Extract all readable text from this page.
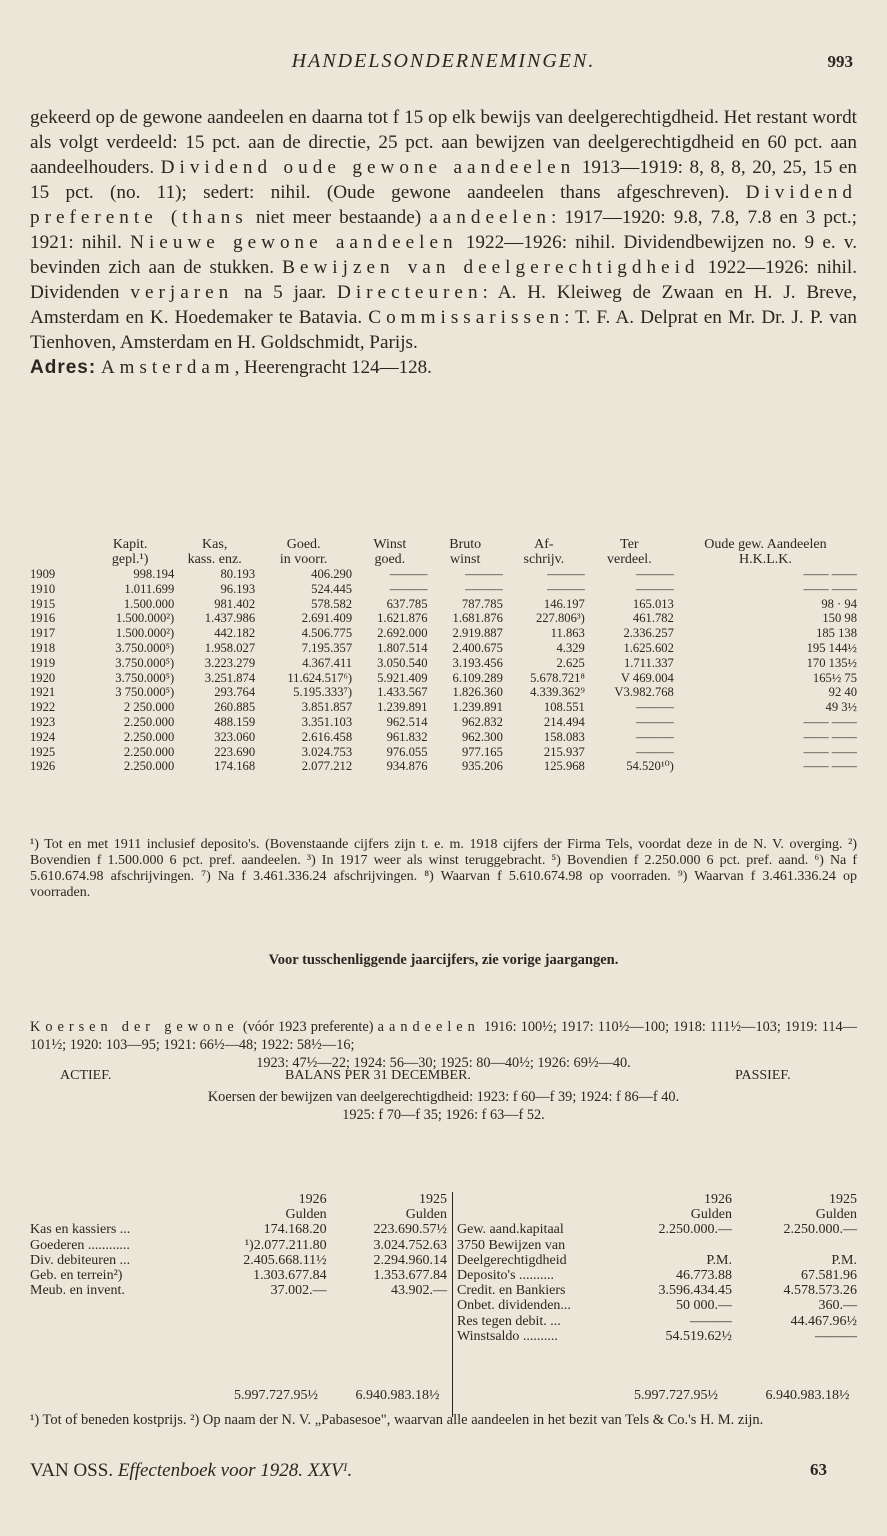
HANDELSONDERNEMINGEN.	993

gekeerd op de gewone aandeelen en daarna tot f 15 op elk bewijs van deelgerechtigdheid. Het restant wordt als volgt verdeeld: 15 pct. aan de directie, 25 pct. aan bewijzen van deelgerechtigdheid en 60 pct. aan aandeelhouders. Dividend oude gewone aandeelen 1913—1919: 8, 8, 8, 20, 25, 15 en 15 pct. (no. 11); sedert: nihil. (Oude gewone aandeelen thans afgeschreven). Dividend preferente (thans niet meer bestaande) aandeelen: 1917—1920: 9.8, 7.8, 7.8 en 3 pct.; 1921: nihil. Nieuwe gewone aandeelen 1922—1926: nihil. Dividendbewijzen no. 9 e. v. bevinden zich aan de stukken. Bewijzen van deelgerechtigdheid 1922—1926: nihil. Dividenden verjaren na 5 jaar. Directeuren: A. H. Kleiweg de Zwaan en H. J. Breve, Amsterdam en K. Hoedemaker te Batavia. Commissarissen: T. F. A. Delprat en Mr. Dr. J. P. van Tienhoven, Amsterdam en H. Goldschmidt, Parijs.

Adres: Amsterdam, Heerengracht 124—128.

	Kapit.	Kas,	Goed.	Winst	Bruto	Af-	Ter	Oude gew. Aandeelen
	gepl.¹)	kass. enz.	in voorr.	goed.	winst	schrijv.	verdeel.	H.K.L.K.
1909	998.194	80.193	406.290	———	———	———	———	—— ——
1910	1.011.699	96.193	524.445	———	———	———	———	—— ——
1915	1.500.000	981.402	578.582	637.785	787.785	146.197	165.013	98 · 94
1916	1.500.000²)	1.437.986	2.691.409	1.621.876	1.681.876	227.806³)	461.782	150 98
1917	1.500.000²)	442.182	4.506.775	2.692.000	2.919.887	11.863	2.336.257	185 138
1918	3.750.000⁵)	1.958.027	7.195.357	1.807.514	2.400.675	4.329	1.625.602	195 144½
1919	3.750.000⁵)	3.223.279	4.367.411	3.050.540	3.193.456	2.625	1.711.337	170 135½
1920	3.750.000⁵)	3.251.874	11.624.517⁶)	5.921.409	6.109.289	5.678.721⁸	V 469.004	165½ 75
1921	3 750.000⁵)	293.764	5.195.333⁷)	1.433.567	1.826.360	4.339.362⁹	V3.982.768	92 40
1922	2 250.000	260.885	3.851.857	1.239.891	1.239.891	108.551	———	49 3½
1923	2.250.000	488.159	3.351.103	962.514	962.832	214.494	———	—— ——
1924	2.250.000	323.060	2.616.458	961.832	962.300	158.083	———	—— ——
1925	2.250.000	223.690	3.024.753	976.055	977.165	215.937	———	—— ——
1926	2.250.000	174.168	2.077.212	934.876	935.206	125.968	54.520¹⁰)	—— ——

¹) Tot en met 1911 inclusief deposito's. (Bovenstaande cijfers zijn t. e. m. 1918 cijfers der Firma Tels, voordat deze in de N. V. overging. ²) Bovendien f 1.500.000 6 pct. pref. aandeelen. ³) In 1917 weer als winst teruggebracht. ⁵) Bovendien f 2.250.000 6 pct. pref. aand. ⁶) Na f 5.610.674.98 afschrijvingen. ⁷) Na f 3.461.336.24 afschrijvingen. ⁸) Waarvan f 5.610.674.98 op voorraden. ⁹) Waarvan f 3.461.336.24 op voorraden.

Voor tusschenliggende jaarcijfers, zie vorige jaargangen.

Koersen der gewone (vóór 1923 preferente) aandeelen 1916: 100½; 1917: 110½—100; 1918: 111½—103; 1919: 114—101½; 1920: 103—95; 1921: 66½—48; 1922: 58½—16;
1923: 47½—22; 1924: 56—30; 1925: 80—40½; 1926: 69½—40.

Koersen der bewijzen van deelgerechtigdheid: 1923: f 60—f 39; 1924: f 86—f 40.
1925: f 70—f 35; 1926: f 63—f 52.

ACTIEF.	BALANS PER 31 DECEMBER.	PASSIEF.
	1926	1925
	Gulden	Gulden
Kas en kassiers ...	174.168.20	223.690.57½
Goederen ............	¹)2.077.211.80	3.024.752.63
Div. debiteuren ...	2.405.668.11½	2.294.960.14
Geb. en terrein²)	1.303.677.84	1.353.677.84
Meub. en invent.	37.002.—	43.902.—
	1926	1925
	Gulden	Gulden
Gew. aand.kapitaal	2.250.000.—	2.250.000.—
3750 Bewijzen van		
Deelgerechtigdheid	P.M.	P.M.
Deposito's ..........	46.773.88	67.581.96
Credit. en Bankiers	3.596.434.45	4.578.573.26
Onbet. dividenden...	50 000.—	360.—
Res tegen debit. ...	———	44.467.96½
Winstsaldo ..........	54.519.62½	———
5.997.727.95½	6.940.983.18½	5.997.727.95½	6.940.983.18½

¹) Tot of beneden kostprijs. ²) Op naam der N. V. „Pabasesoe", waarvan alle aandeelen in het bezit van Tels & Co.'s H. M. zijn.

VAN OSS. Effectenboek voor 1928. XXVᴵ.	63
